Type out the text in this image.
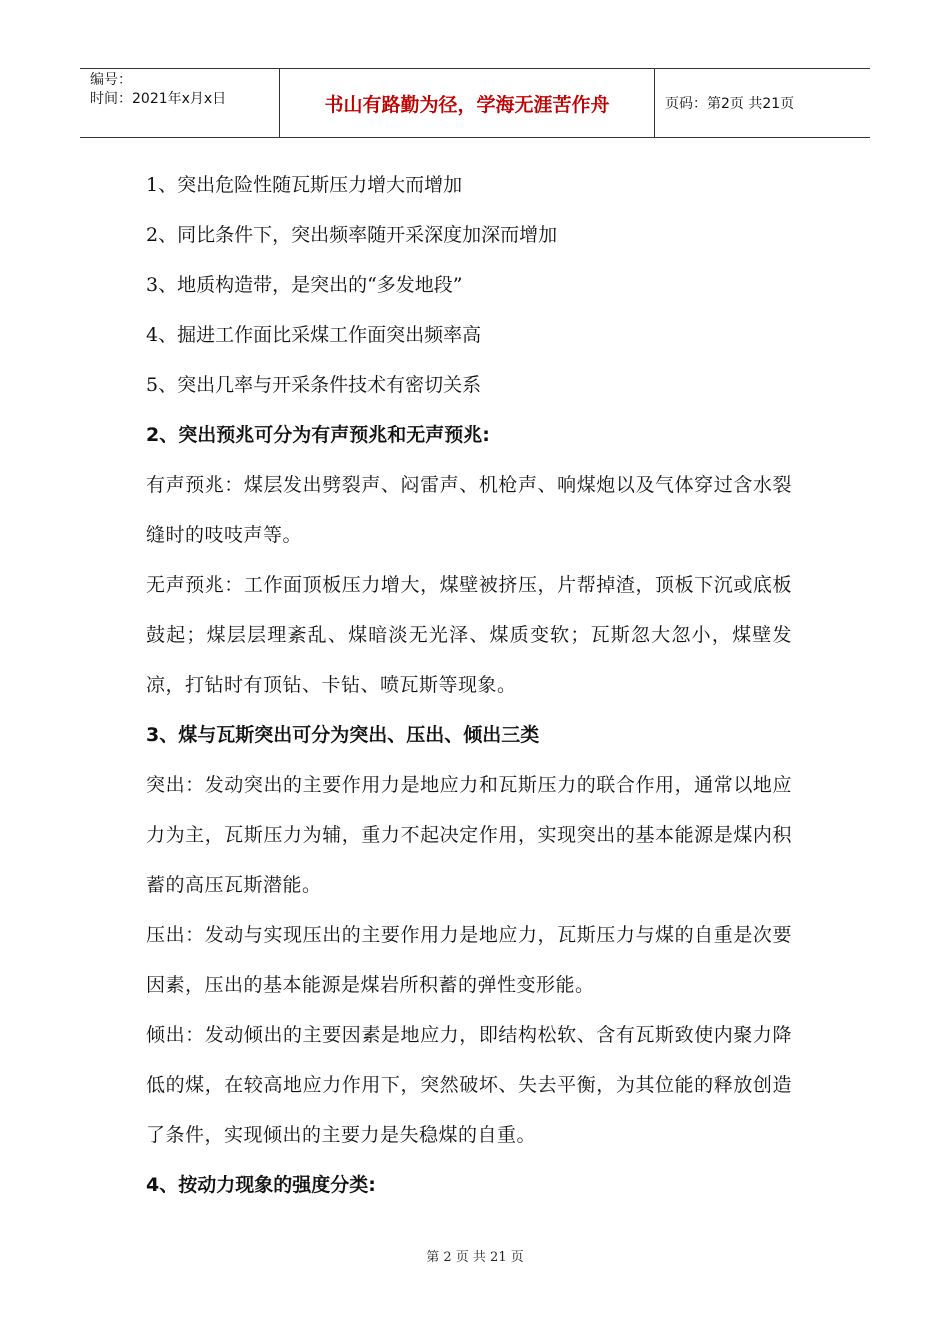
编号：
时间：2021年x月x日	书山有路勤为径，学海无涯苦作舟	页码：第2页 共21页
1、突出危险性随瓦斯压力增大而增加
2、同比条件下，突出频率随开采深度加深而增加
3、地质构造带，是突出的“多发地段”
4、掘进工作面比采煤工作面突出频率高
5、突出几率与开采条件技术有密切关系
2、突出预兆可分为有声预兆和无声预兆:
有声预兆：煤层发出劈裂声、闷雷声、机枪声、响煤炮以及气体穿过含水裂缝时的吱吱声等。
无声预兆：工作面顶板压力增大，煤壁被挤压，片帮掉渣，顶板下沉或底板鼓起；煤层层理紊乱、煤暗淡无光泽、煤质变软；瓦斯忽大忽小，煤壁发凉，打钻时有顶钻、卡钻、喷瓦斯等现象。
3、煤与瓦斯突出可分为突出、压出、倾出三类
突出：发动突出的主要作用力是地应力和瓦斯压力的联合作用，通常以地应力为主，瓦斯压力为辅，重力不起决定作用，实现突出的基本能源是煤内积蓄的高压瓦斯潜能。
压出：发动与实现压出的主要作用力是地应力，瓦斯压力与煤的自重是次要因素，压出的基本能源是煤岩所积蓄的弹性变形能。
倾出：发动倾出的主要因素是地应力，即结构松软、含有瓦斯致使内聚力降低的煤，在较高地应力作用下，突然破坏、失去平衡，为其位能的释放创造了条件，实现倾出的主要力是失稳煤的自重。
4、按动力现象的强度分类:
第 2 页 共 21 页
